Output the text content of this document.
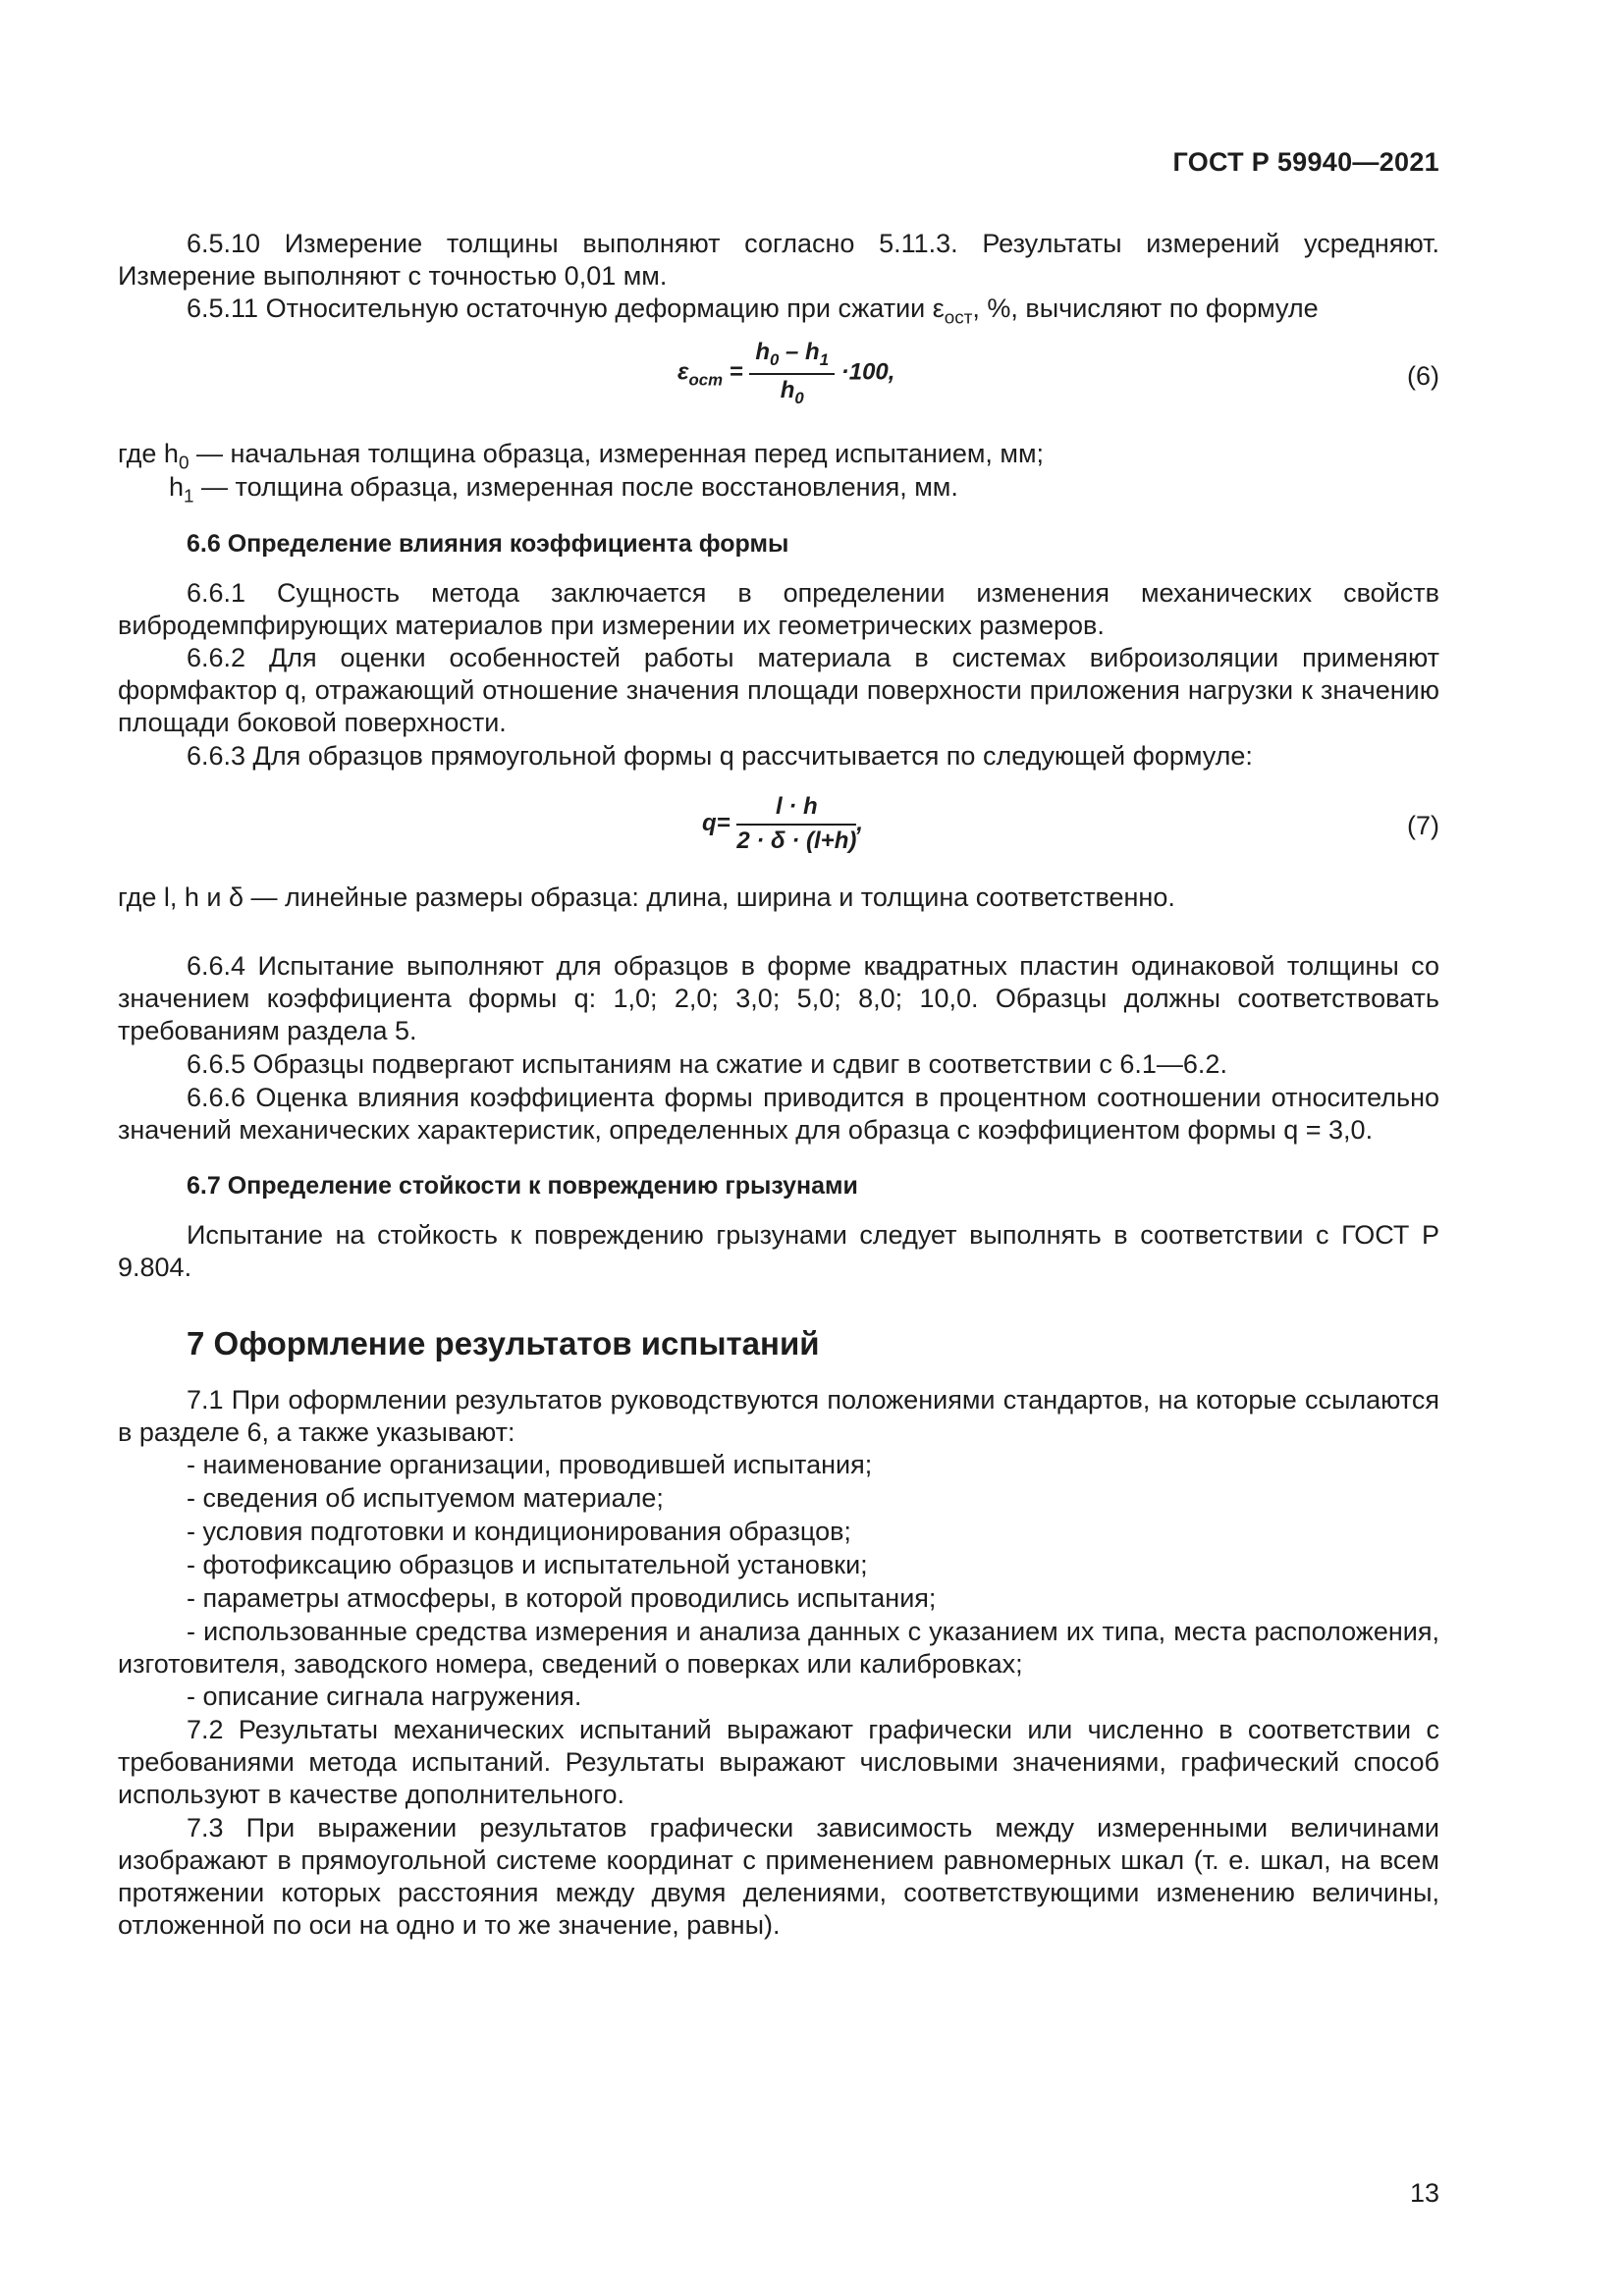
ГОСТ Р 59940—2021
6.5.10 Измерение толщины выполняют согласно 5.11.3. Результаты измерений усредняют. Измерение выполняют с точностью 0,01 мм.
6.5.11 Относительную остаточную деформацию при сжатии $\varepsilon_{ост}$, %, вычисляют по формуле
$\varepsilon_{ост} = \frac{h_0 - h_1}{h_0} \cdot 100$,	(6)
где $h_0$ — начальная толщина образца, измеренная перед испытанием, мм;
$h_1$ — толщина образца, измеренная после восстановления, мм.
6.6 Определение влияния коэффициента формы
6.6.1 Сущность метода заключается в определении изменения механических свойств вибродемпфирующих материалов при измерении их геометрических размеров.
6.6.2 Для оценки особенностей работы материала в системах виброизоляции применяют формфактор q, отражающий отношение значения площади поверхности приложения нагрузки к значению площади боковой поверхности.
6.6.3 Для образцов прямоугольной формы q рассчитывается по следующей формуле:
$q= \frac{l \cdot h}{2 \cdot \delta \cdot (l+h)}$ ,	(7)
где l, h и δ — линейные размеры образца: длина, ширина и толщина соответственно.
6.6.4 Испытание выполняют для образцов в форме квадратных пластин одинаковой толщины со значением коэффициента формы q: 1,0; 2,0; 3,0; 5,0; 8,0; 10,0. Образцы должны соответствовать требованиям раздела 5.
6.6.5 Образцы подвергают испытаниям на сжатие и сдвиг в соответствии с 6.1—6.2.
6.6.6 Оценка влияния коэффициента формы приводится в процентном соотношении относительно значений механических характеристик, определенных для образца с коэффициентом формы q = 3,0.
6.7 Определение стойкости к повреждению грызунами
Испытание на стойкость к повреждению грызунами следует выполнять в соответствии с ГОСТ Р 9.804.
7 Оформление результатов испытаний
7.1 При оформлении результатов руководствуются положениями стандартов, на которые ссылаются в разделе 6, а также указывают:
- наименование организации, проводившей испытания;
- сведения об испытуемом материале;
- условия подготовки и кондиционирования образцов;
- фотофиксацию образцов и испытательной установки;
- параметры атмосферы, в которой проводились испытания;
- использованные средства измерения и анализа данных с указанием их типа, места расположения, изготовителя, заводского номера, сведений о поверках или калибровках;
- описание сигнала нагружения.
7.2 Результаты механических испытаний выражают графически или численно в соответствии с требованиями метода испытаний. Результаты выражают числовыми значениями, графический способ используют в качестве дополнительного.
7.3 При выражении результатов графически зависимость между измеренными величинами изображают в прямоугольной системе координат с применением равномерных шкал (т. е. шкал, на всем протяжении которых расстояния между двумя делениями, соответствующими изменению величины, отложенной по оси на одно и то же значение, равны).
13
